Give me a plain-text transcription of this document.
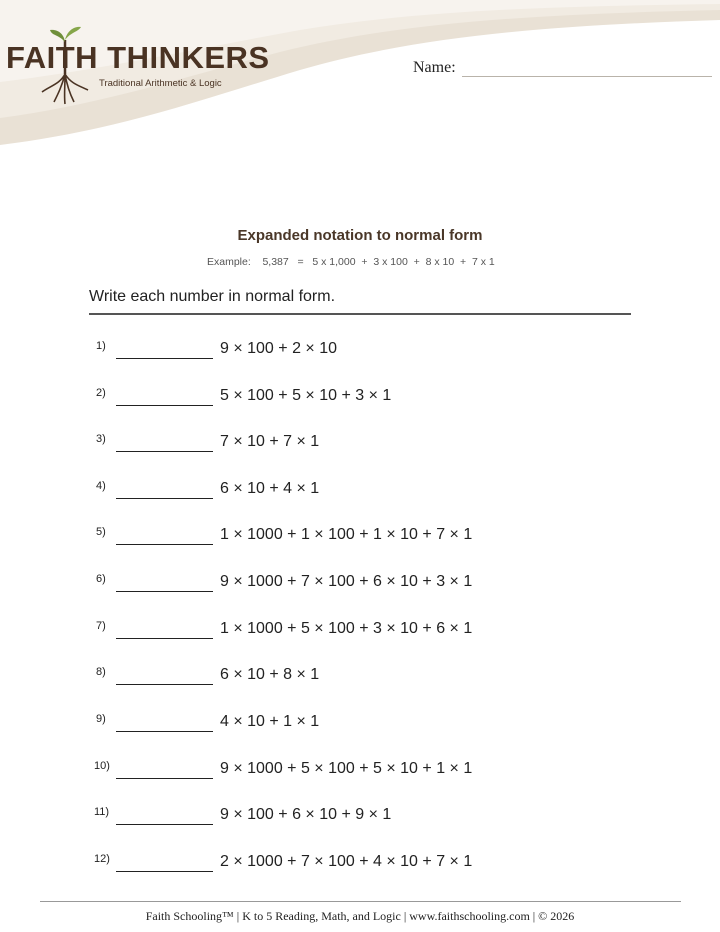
FAITH THINKERS
Traditional Arithmetic & Logic
Name:
Expanded notation to normal form
Example:    5,387   =   5 x 1,000  +  3 x 100  +  8 x 10  +  7 x 1
Write each number in normal form.
1)	9 × 100 + 2 × 10
2)	5 × 100 + 5 × 10 + 3 × 1
3)	7 × 10 + 7 × 1
4)	6 × 10 + 4 × 1
5)	1 × 1000 + 1 × 100 + 1 × 10 + 7 × 1
6)	9 × 1000 + 7 × 100 + 6 × 10 + 3 × 1
7)	1 × 1000 + 5 × 100 + 3 × 10 + 6 × 1
8)	6 × 10 + 8 × 1
9)	4 × 10 + 1 × 1
10)	9 × 1000 + 5 × 100 + 5 × 10 + 1 × 1
11)	9 × 100 + 6 × 10 + 9 × 1
12)	2 × 1000 + 7 × 100 + 4 × 10 + 7 × 1
Faith Schooling™ | K to 5 Reading, Math, and Logic | www.faithschooling.com | © 2026
